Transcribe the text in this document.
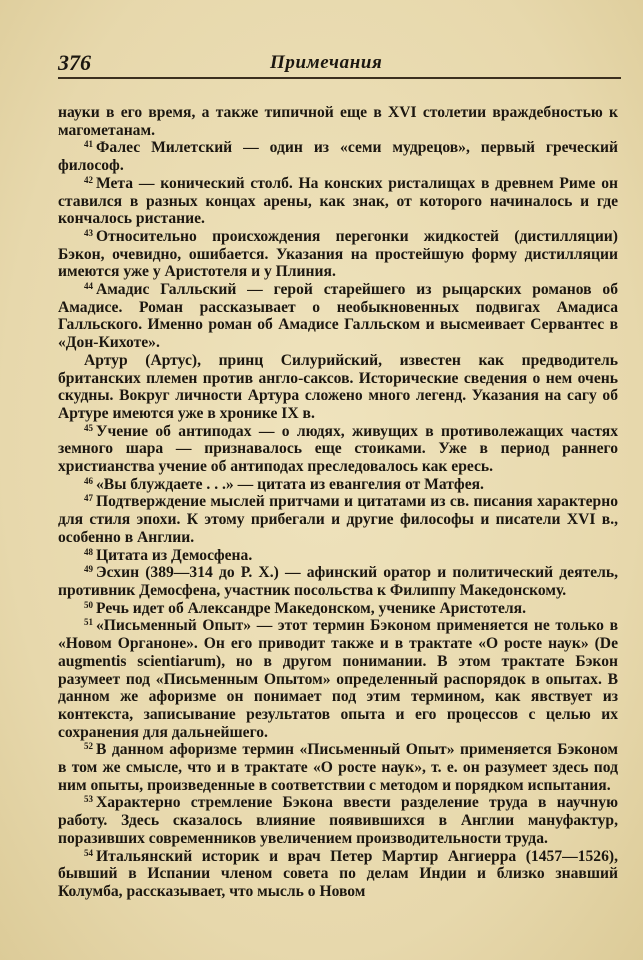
376	Примечания

науки в его время, а также типичной еще в XVI столетии враждебностью к магометанам.

$^{41}$ Фалес Милетский — один из «семи мудрецов», первый греческий философ.

$^{42}$ Мета — конический столб. На конских ристалищах в древнем Риме он ставился в разных концах арены, как знак, от которого начиналось и где кончалось ристание.

$^{43}$ Относительно происхождения перегонки жидкостей (дистилляции) Бэкон, очевидно, ошибается. Указания на простейшую форму дистилляции имеются уже у Аристотеля и у Плиния.

$^{44}$ Амадис Галльский — герой старейшего из рыцарских романов об Амадисе. Роман рассказывает о необыкновенных подвигах Амадиса Галльского. Именно роман об Амадисе Галльском и высмеивает Сервантес в «Дон-Кихоте».

Артур (Артус), принц Силурийский, известен как предводитель британских племен против англо-саксов. Исторические сведения о нем очень скудны. Вокруг личности Артура сложено много легенд. Указания на сагу об Артуре имеются уже в хронике IX в.

$^{45}$ Учение об антиподах — о людях, живущих в противолежащих частях земного шара — признавалось еще стоиками. Уже в период раннего христианства учение об антиподах преследовалось как ересь.

$^{46}$ «Вы блуждаете . . .» — цитата из евангелия от Матфея.

$^{47}$ Подтверждение мыслей притчами и цитатами из св. писания характерно для стиля эпохи. К этому прибегали и другие философы и писатели XVI в., особенно в Англии.

$^{48}$ Цитата из Демосфена.

$^{49}$ Эсхин (389—314 до Р. Х.) — афинский оратор и политический деятель, противник Демосфена, участник посольства к Филиппу Македонскому.

$^{50}$ Речь идет об Александре Македонском, ученике Аристотеля.

$^{51}$ «Письменный Опыт» — этот термин Бэконом применяется не только в «Новом Органоне». Он его приводит также и в трактате «О росте наук» (De augmentis scientiarum), но в другом понимании. В этом трактате Бэкон разумеет под «Письменным Опытом» определенный распорядок в опытах. В данном же афоризме он понимает под этим термином, как явствует из контекста, записывание результатов опыта и его процессов с целью их сохранения для дальнейшего.

$^{52}$ В данном афоризме термин «Письменный Опыт» применяется Бэконом в том же смысле, что и в трактате «О росте наук», т. е. он разумеет здесь под ним опыты, произведенные в соответствии с методом и порядком испытания.

$^{53}$ Характерно стремление Бэкона ввести разделение труда в научную работу. Здесь сказалось влияние появившихся в Англии мануфактур, поразивших современников увеличением производительности труда.

$^{54}$ Итальянский историк и врач Петер Мартир Ангиерра (1457—1526), бывший в Испании членом совета по делам Индии и близко знавший Колумба, рассказывает, что мысль о Новом
